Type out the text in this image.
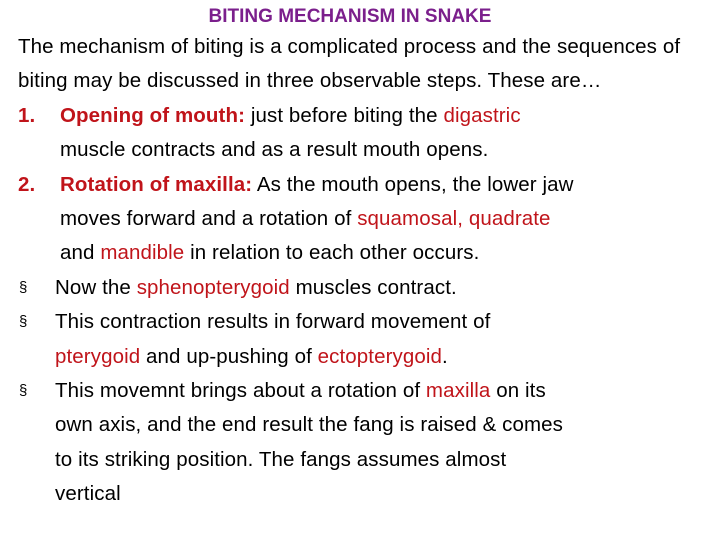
BITING MECHANISM IN SNAKE

The mechanism of biting is a complicated process and the sequences of biting may be discussed in three observable steps. These are…

1. Opening of mouth: just before biting the digastric
muscle contracts and as a result mouth opens.
2. Rotation of maxilla: As the mouth opens, the lower jaw
moves forward and a rotation of squamosal, quadrate
and mandible in relation to each other occurs.
§ Now the sphenopterygoid muscles contract.
§ This contraction results in forward movement of
pterygoid and up-pushing of ectopterygoid.
§ This movemnt brings about a rotation of maxilla on its
own axis, and the end result the fang is raised & comes
to its striking position. The fangs assumes almost
vertical
